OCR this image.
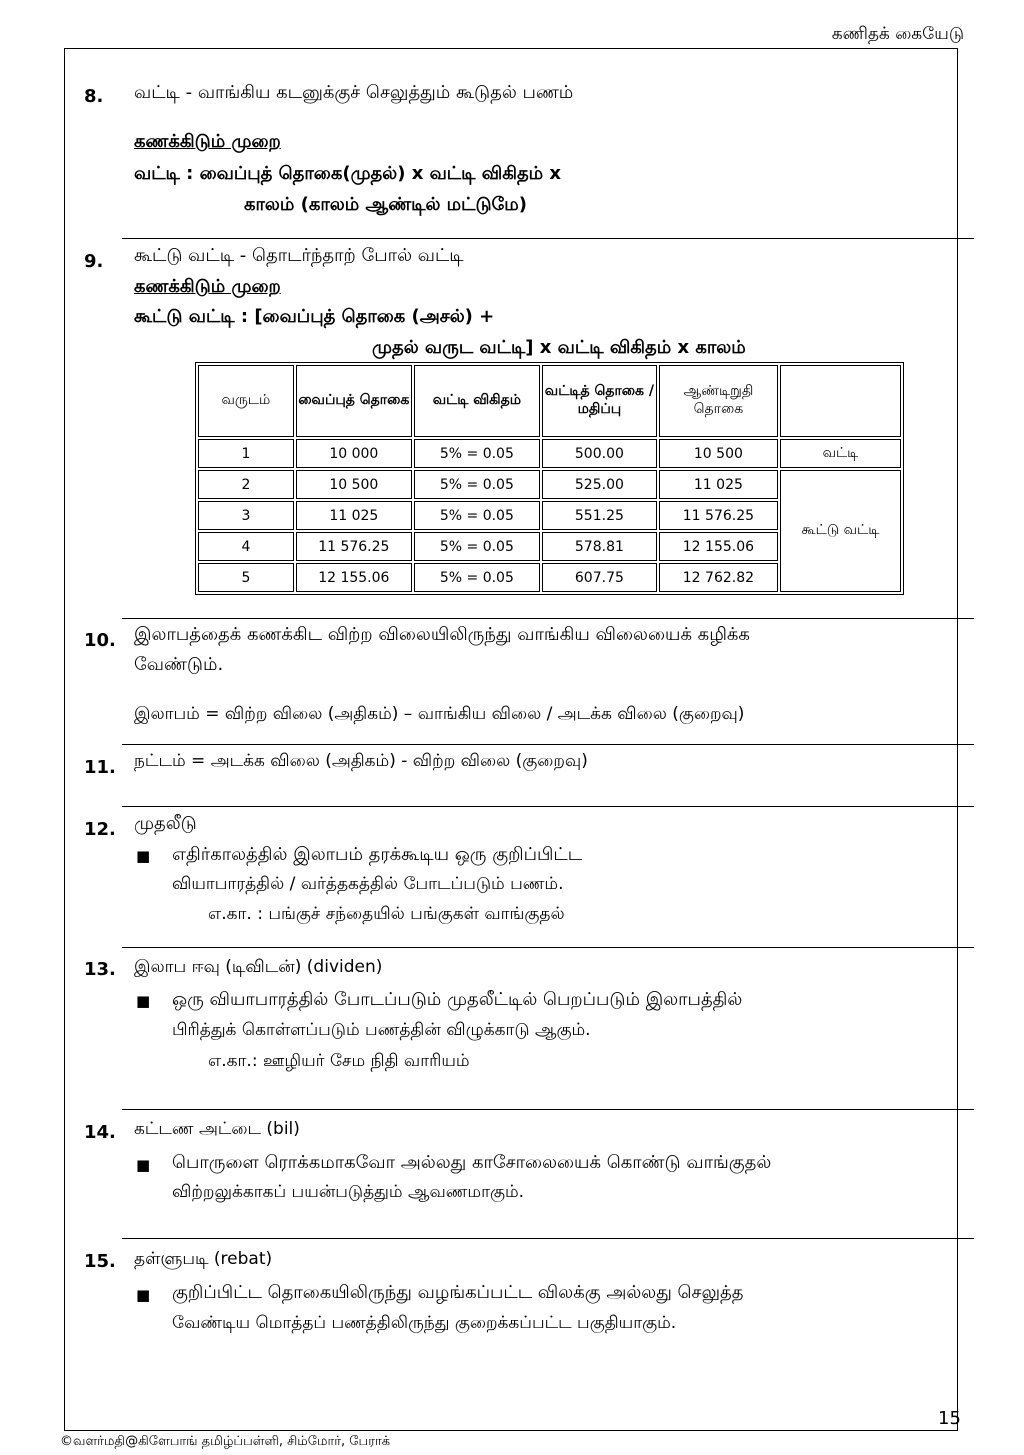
கணிதக் கையேடு
8. வட்டி - வாங்கிய கடனுக்குச் செலுத்தும் கூடுதல் பணம்
கணக்கிடும் முறை
வட்டி : வைப்புத் தொகை(முதல்) x வட்டி விகிதம் x
காலம் (காலம் ஆண்டில் மட்டுமே)
9. கூட்டு வட்டி - தொடர்ந்தாற் போல் வட்டி
கணக்கிடும் முறை
கூட்டு வட்டி : [வைப்புத் தொகை (அசல்) +
முதல் வருட வட்டி] x வட்டி விகிதம் x காலம்
வருடம்	வைப்புத் தொகை	வட்டி விகிதம்	வட்டித் தொகை /மதிப்பு	ஆண்டிறுதி தொகை	
1	10 000	5% = 0.05	500.00	10 500	வட்டி
2	10 500	5% = 0.05	525.00	11 025	கூட்டு வட்டி
3	11 025	5% = 0.05	551.25	11 576.25	
4	11 576.25	5% = 0.05	578.81	12 155.06	
5	12 155.06	5% = 0.05	607.75	12 762.82	
10. இலாபத்தைக் கணக்கிட விற்ற விலையிலிருந்து வாங்கிய விலையைக் கழிக்க
வேண்டும்.
இலாபம் = விற்ற விலை (அதிகம்) – வாங்கிய விலை / அடக்க விலை (குறைவு)
11. நட்டம் = அடக்க விலை (அதிகம்) - விற்ற விலை (குறைவு)
12. முதலீடு
■ எதிர்காலத்தில் இலாபம் தரக்கூடிய ஒரு குறிப்பிட்ட
வியாபாரத்தில் / வர்த்தகத்தில் போடப்படும் பணம்.
எ.கா. : பங்குச் சந்தையில் பங்குகள் வாங்குதல்
13. இலாப ஈவு (டிவிடன்) (dividen)
■ ஒரு வியாபாரத்தில் போடப்படும் முதலீட்டில் பெறப்படும் இலாபத்தில்
பிரித்துக் கொள்ளப்படும் பணத்தின் விழுக்காடு ஆகும்.
எ.கா.: ஊழியர் சேம நிதி வாரியம்
14. கட்டண அட்டை (bil)
■ பொருளை ரொக்கமாகவோ அல்லது காசோலையைக் கொண்டு வாங்குதல்
விற்றலுக்காகப் பயன்படுத்தும் ஆவணமாகும்.
15. தள்ளுபடி (rebat)
■ குறிப்பிட்ட தொகையிலிருந்து வழங்கப்பட்ட விலக்கு அல்லது செலுத்த
வேண்டிய மொத்தப் பணத்திலிருந்து குறைக்கப்பட்ட பகுதியாகும்.
15
©வளர்மதி@கிளேபாங் தமிழ்ப்பள்ளி, சிம்மோர், பேராக்
